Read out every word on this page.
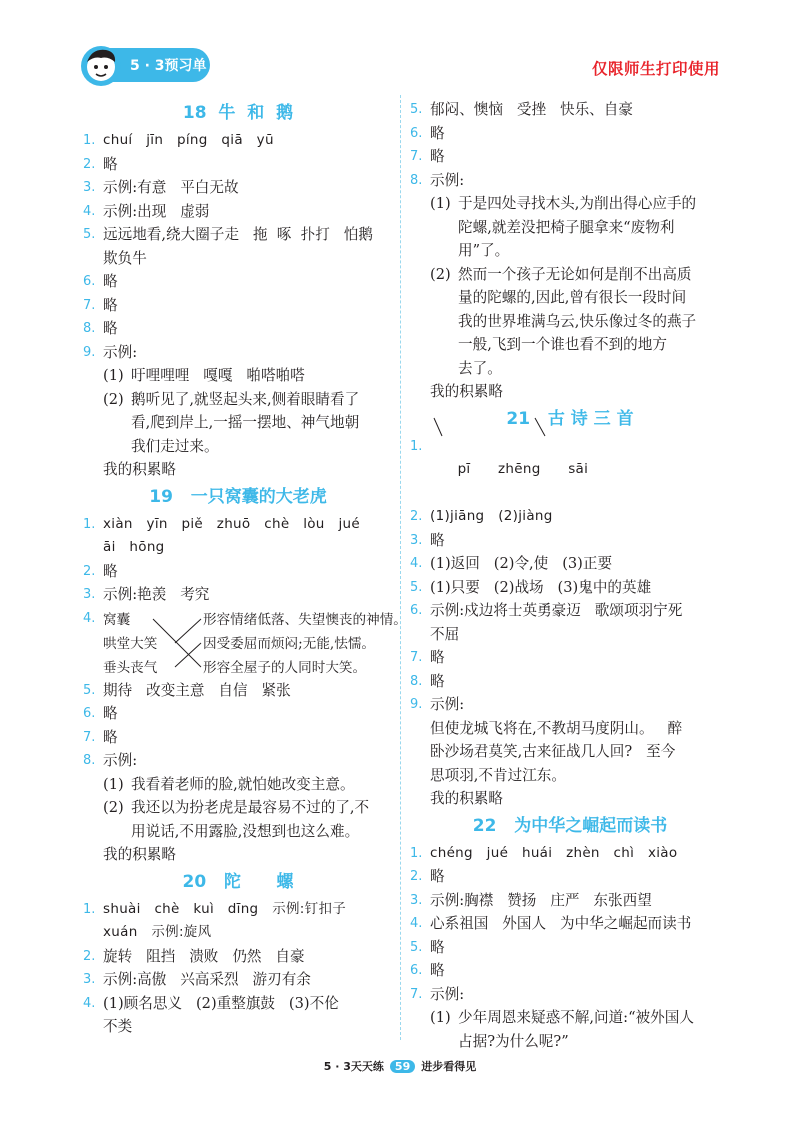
5 · 3预习单	仅限师生打印使用
18  牛  和  鹅
1. chuí   jīn   píng   qiā   yū
2. 略
3. 示例:有意   平白无故
4. 示例:出现   虚弱
5. 远远地看,绕大圈子走   拖  啄  扑打   怕鹅
欺负牛
6. 略
7. 略
8. 略
9. 示例:
(1) 吁哩哩哩   嘎嘎   啪嗒啪嗒
(2) 鹅听见了,就竖起头来,侧着眼睛看了
看,爬到岸上,一摇一摆地、神气地朝
我们走过来。
我的积累略
19   一只窝囊的大老虎
1. xiàn   yīn   piě   zhuō   chè   lòu   jué
āi   hōng
2. 略
3. 示例:艳羡   考究
4.

窝囊

哄堂大笑

垂头丧气

形容情绪低落、失望懊丧的神情。

因受委屈而烦闷;无能,怯懦。

形容全屋子的人同时大笑。

5. 期待   改变主意   自信   紧张
6. 略
7. 略
8. 示例:
(1) 我看着老师的脸,就怕她改变主意。
(2) 我还以为扮老虎是最容易不过的了,不
用说话,不用露脸,没想到也这么难。
我的积累略
20   陀      螺
1. shuài   chè   kuì   dīng   示例:钉扣子
xuán   示例:旋风
2. 旋转   阻挡   溃败   仍然   自豪
3. 示例:高傲   兴高采烈   游刃有余
4. (1)顾名思义   (2)重整旗鼓   (3)不伦
不类
5. 郁闷、懊恼   受挫   快乐、自豪
6. 略
7. 略
8. 示例:
(1) 于是四处寻找木头,为削出得心应手的
陀螺,就差没把椅子腿拿来“废物利
用”了。
(2) 然而一个孩子无论如何是削不出高质
量的陀螺的,因此,曾有很长一段时间
我的世界堆满乌云,快乐像过冬的燕子
一般,飞到一个谁也看不到的地方
去了。
我的积累略
21   古 诗 三 首
1.

pī zhēng sāi

2. (1)jiāng   (2)jiàng
3. 略
4. (1)返回   (2)令,使   (3)正要
5. (1)只要   (2)战场   (3)鬼中的英雄
6. 示例:戍边将士英勇豪迈   歌颂项羽宁死
不屈
7. 略
8. 略
9. 示例:
但使龙城飞将在,不教胡马度阴山。   醉
卧沙场君莫笑,古来征战几人回?   至今
思项羽,不肯过江东。
我的积累略
22   为中华之崛起而读书
1. chéng   jué   huái   zhèn   chì   xiào
2. 略
3. 示例:胸襟   赞扬   庄严   东张西望
4. 心系祖国   外国人   为中华之崛起而读书
5. 略
6. 略
7. 示例:
(1) 少年周恩来疑惑不解,问道:“被外国人
占据?为什么呢?”
5 · 3天天练 59 进步看得见
